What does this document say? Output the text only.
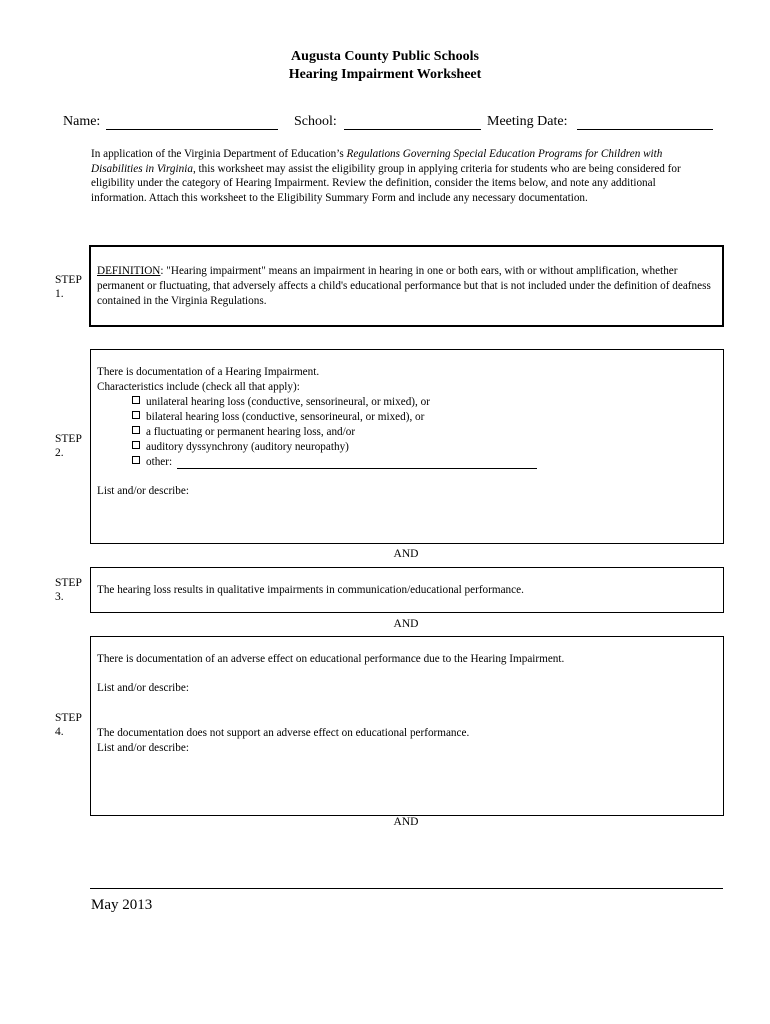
Augusta County Public Schools
Hearing Impairment Worksheet
Name:	School:	Meeting Date:
In application of the Virginia Department of Education’s Regulations Governing Special Education Programs for Children with Disabilities in Virginia, this worksheet may assist the eligibility group in applying criteria for students who are being considered for eligibility under the category of Hearing Impairment. Review the definition, consider the items below, and note any additional information. Attach this worksheet to the Eligibility Summary Form and include any necessary documentation.
STEP
1.
DEFINITION: "Hearing impairment" means an impairment in hearing in one or both ears, with or without amplification, whether permanent or fluctuating, that adversely affects a child's educational performance but that is not included under the definition of deafness contained in the Virginia Regulations.
STEP
2.
There is documentation of a Hearing Impairment.
Characteristics include (check all that apply):
unilateral hearing loss (conductive, sensorineural, or mixed), or
bilateral hearing loss (conductive, sensorineural, or mixed), or
a fluctuating or permanent hearing loss, and/or
auditory dyssynchrony (auditory neuropathy)
other:
List and/or describe:
AND
STEP
3.
The hearing loss results in qualitative impairments in communication/educational performance.
AND
STEP
4.
There is documentation of an adverse effect on educational performance due to the Hearing Impairment.
List and/or describe:
The documentation does not support an adverse effect on educational performance.
List and/or describe:
AND
May 2013
